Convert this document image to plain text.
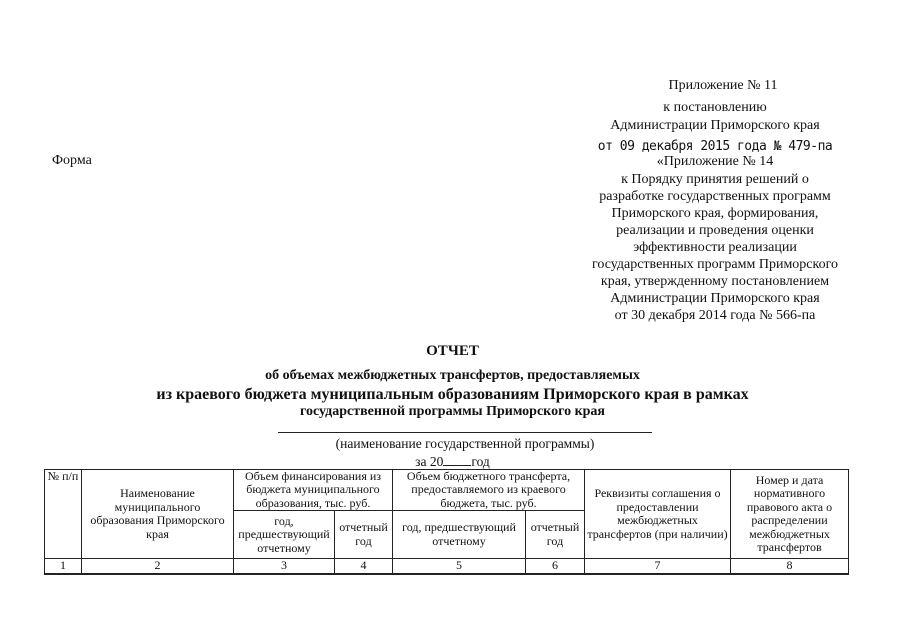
Приложение № 11
к постановлению
Администрации Приморского края
от 09 декабря 2015 года № 479-па
«Приложение № 14
к Порядку принятия решений о
разработке государственных программ
Приморского края, формирования,
реализации и проведения оценки
эффективности реализации
государственных программ Приморского
края, утвержденному постановлением
Администрации Приморского края
от 30 декабря 2014 года № 566-па
Форма
ОТЧЕТ
об объемах межбюджетных трансфертов, предоставляемых
из краевого бюджета муниципальным образованиям Приморского края в рамках
государственной программы Приморского края
(наименование государственной программы)
за 20 год
№ п/п	Наименование муниципального образования Приморского края	Объем финансирования из бюджета муниципального образования, тыс. руб.		Объем бюджетного трансферта, предоставляемого из краевого бюджета, тыс. руб.		Реквизиты соглашения о предоставлении межбюджетных трансфертов (при наличии)	Номер и дата нормативного правового акта о распределении межбюджетных трансфертов
		год, предшествующий отчетному	отчетный год	год, предшествующий отчетному	отчетный год		
1	2	3	4	5	6	7	8
